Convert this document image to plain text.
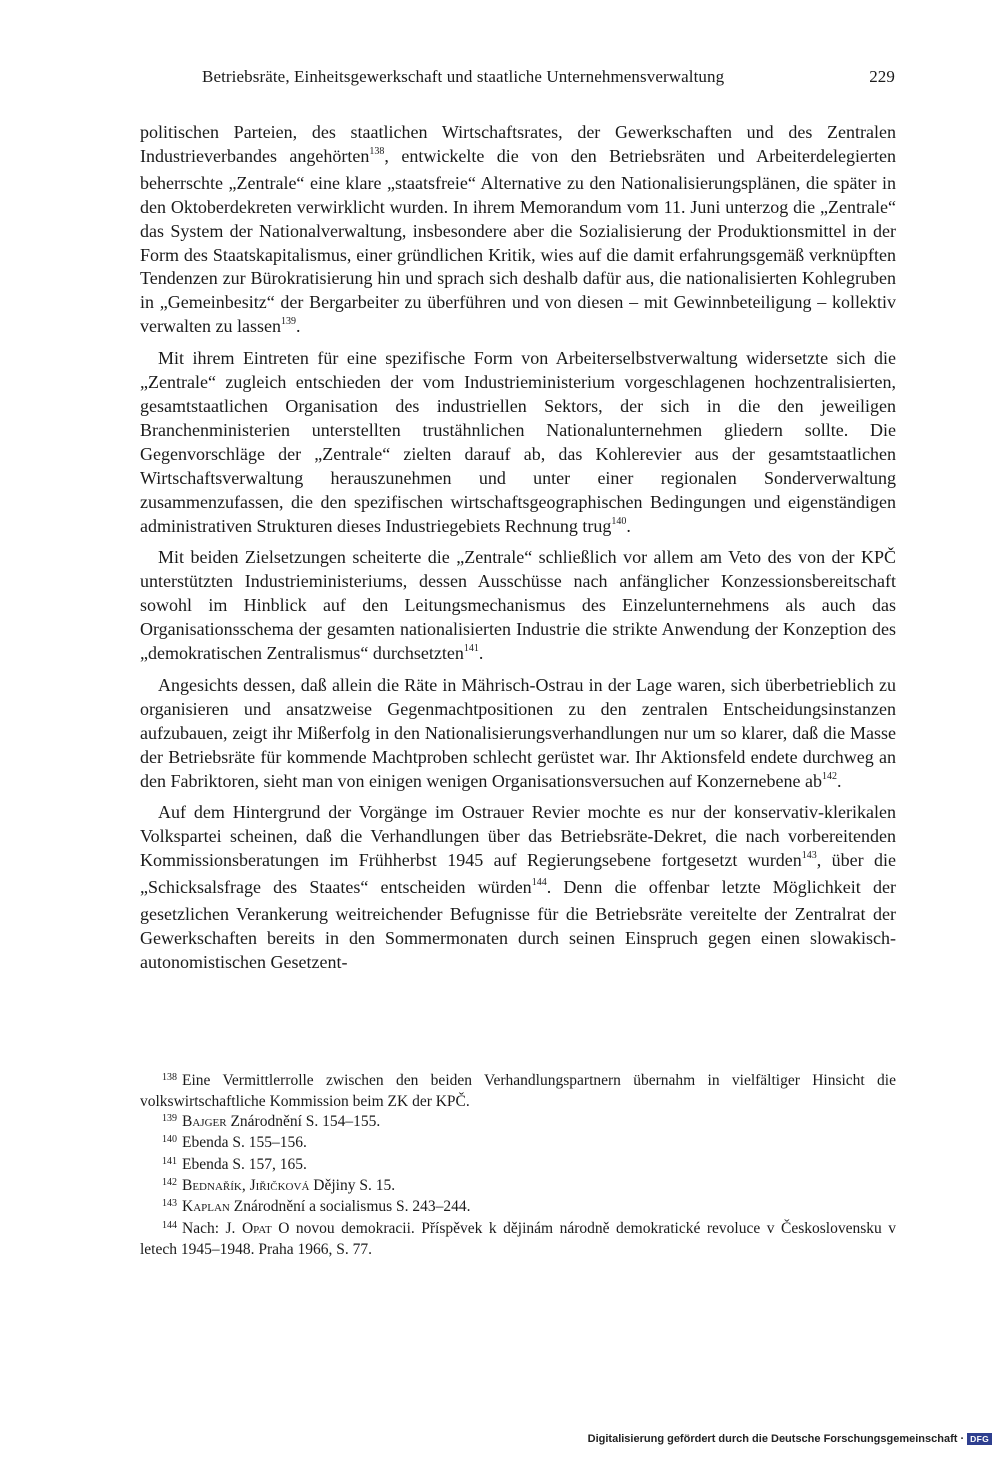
Betriebsräte, Einheitsgewerkschaft und staatliche Unternehmensverwaltung	229

politischen Parteien, des staatlichen Wirtschaftsrates, der Gewerkschaften und des Zentralen Industrieverbandes angehörten$^{138}$, entwickelte die von den Betriebsräten und Arbeiterdelegierten beherrschte „Zentrale“ eine klare „staatsfreie“ Alternative zu den Nationalisierungsplänen, die später in den Oktoberdekreten verwirklicht wurden. In ihrem Memorandum vom 11. Juni unterzog die „Zentrale“ das System der Nationalverwaltung, insbesondere aber die Sozialisierung der Produktionsmittel in der Form des Staatskapitalismus, einer gründlichen Kritik, wies auf die damit erfahrungsgemäß verknüpften Tendenzen zur Bürokratisierung hin und sprach sich deshalb dafür aus, die nationalisierten Kohlegruben in „Gemeinbesitz“ der Bergarbeiter zu überführen und von diesen – mit Gewinnbeteiligung – kollektiv verwalten zu lassen$^{139}$.

Mit ihrem Eintreten für eine spezifische Form von Arbeiterselbstverwaltung widersetzte sich die „Zentrale“ zugleich entschieden der vom Industrieministerium vorgeschlagenen hochzentralisierten, gesamtstaatlichen Organisation des industriellen Sektors, der sich in die den jeweiligen Branchenministerien unterstellten trustähnlichen Nationalunternehmen gliedern sollte. Die Gegenvorschläge der „Zentrale“ zielten darauf ab, das Kohlerevier aus der gesamtstaatlichen Wirtschaftsverwaltung herauszunehmen und unter einer regionalen Sonderverwaltung zusammenzufassen, die den spezifischen wirtschaftsgeographischen Bedingungen und eigenständigen administrativen Strukturen dieses Industriegebiets Rechnung trug$^{140}$.

Mit beiden Zielsetzungen scheiterte die „Zentrale“ schließlich vor allem am Veto des von der KPČ unterstützten Industrieministeriums, dessen Ausschüsse nach anfänglicher Konzessionsbereitschaft sowohl im Hinblick auf den Leitungsmechanismus des Einzelunternehmens als auch das Organisationsschema der gesamten nationalisierten Industrie die strikte Anwendung der Konzeption des „demokratischen Zentralismus“ durchsetzten$^{141}$.

Angesichts dessen, daß allein die Räte in Mährisch-Ostrau in der Lage waren, sich überbetrieblich zu organisieren und ansatzweise Gegenmachtpositionen zu den zentralen Entscheidungsinstanzen aufzubauen, zeigt ihr Mißerfolg in den Nationalisierungsverhandlungen nur um so klarer, daß die Masse der Betriebsräte für kommende Machtproben schlecht gerüstet war. Ihr Aktionsfeld endete durchweg an den Fabriktoren, sieht man von einigen wenigen Organisationsversuchen auf Konzernebene ab$^{142}$.

Auf dem Hintergrund der Vorgänge im Ostrauer Revier mochte es nur der konservativ-klerikalen Volkspartei scheinen, daß die Verhandlungen über das Betriebsräte-Dekret, die nach vorbereitenden Kommissionsberatungen im Frühherbst 1945 auf Regierungsebene fortgesetzt wurden$^{143}$, über die „Schicksalsfrage des Staates“ entscheiden würden$^{144}$. Denn die offenbar letzte Möglichkeit der gesetzlichen Verankerung weitreichender Befugnisse für die Betriebsräte vereitelte der Zentralrat der Gewerkschaften bereits in den Sommermonaten durch seinen Einspruch gegen einen slowakisch-autonomistischen Gesetzent-

$^{138}$ Eine Vermittlerrolle zwischen den beiden Verhandlungspartnern übernahm in vielfältiger Hinsicht die volkswirtschaftliche Kommission beim ZK der KPČ.

$^{139}$ Bajger Znárodnění S. 154–155.

$^{140}$ Ebenda S. 155–156.

$^{141}$ Ebenda S. 157, 165.

$^{142}$ Bednařík, Jiřičková Dějiny S. 15.

$^{143}$ Kaplan Znárodnění a socialismus S. 243–244.

$^{144}$ Nach: J. Opat O novou demokracii. Příspěvek k dějinám národně demokratické revoluce v Československu v letech 1945–1948. Praha 1966, S. 77.

Digitalisierung gefördert durch die Deutsche Forschungsgemeinschaft · DFG
